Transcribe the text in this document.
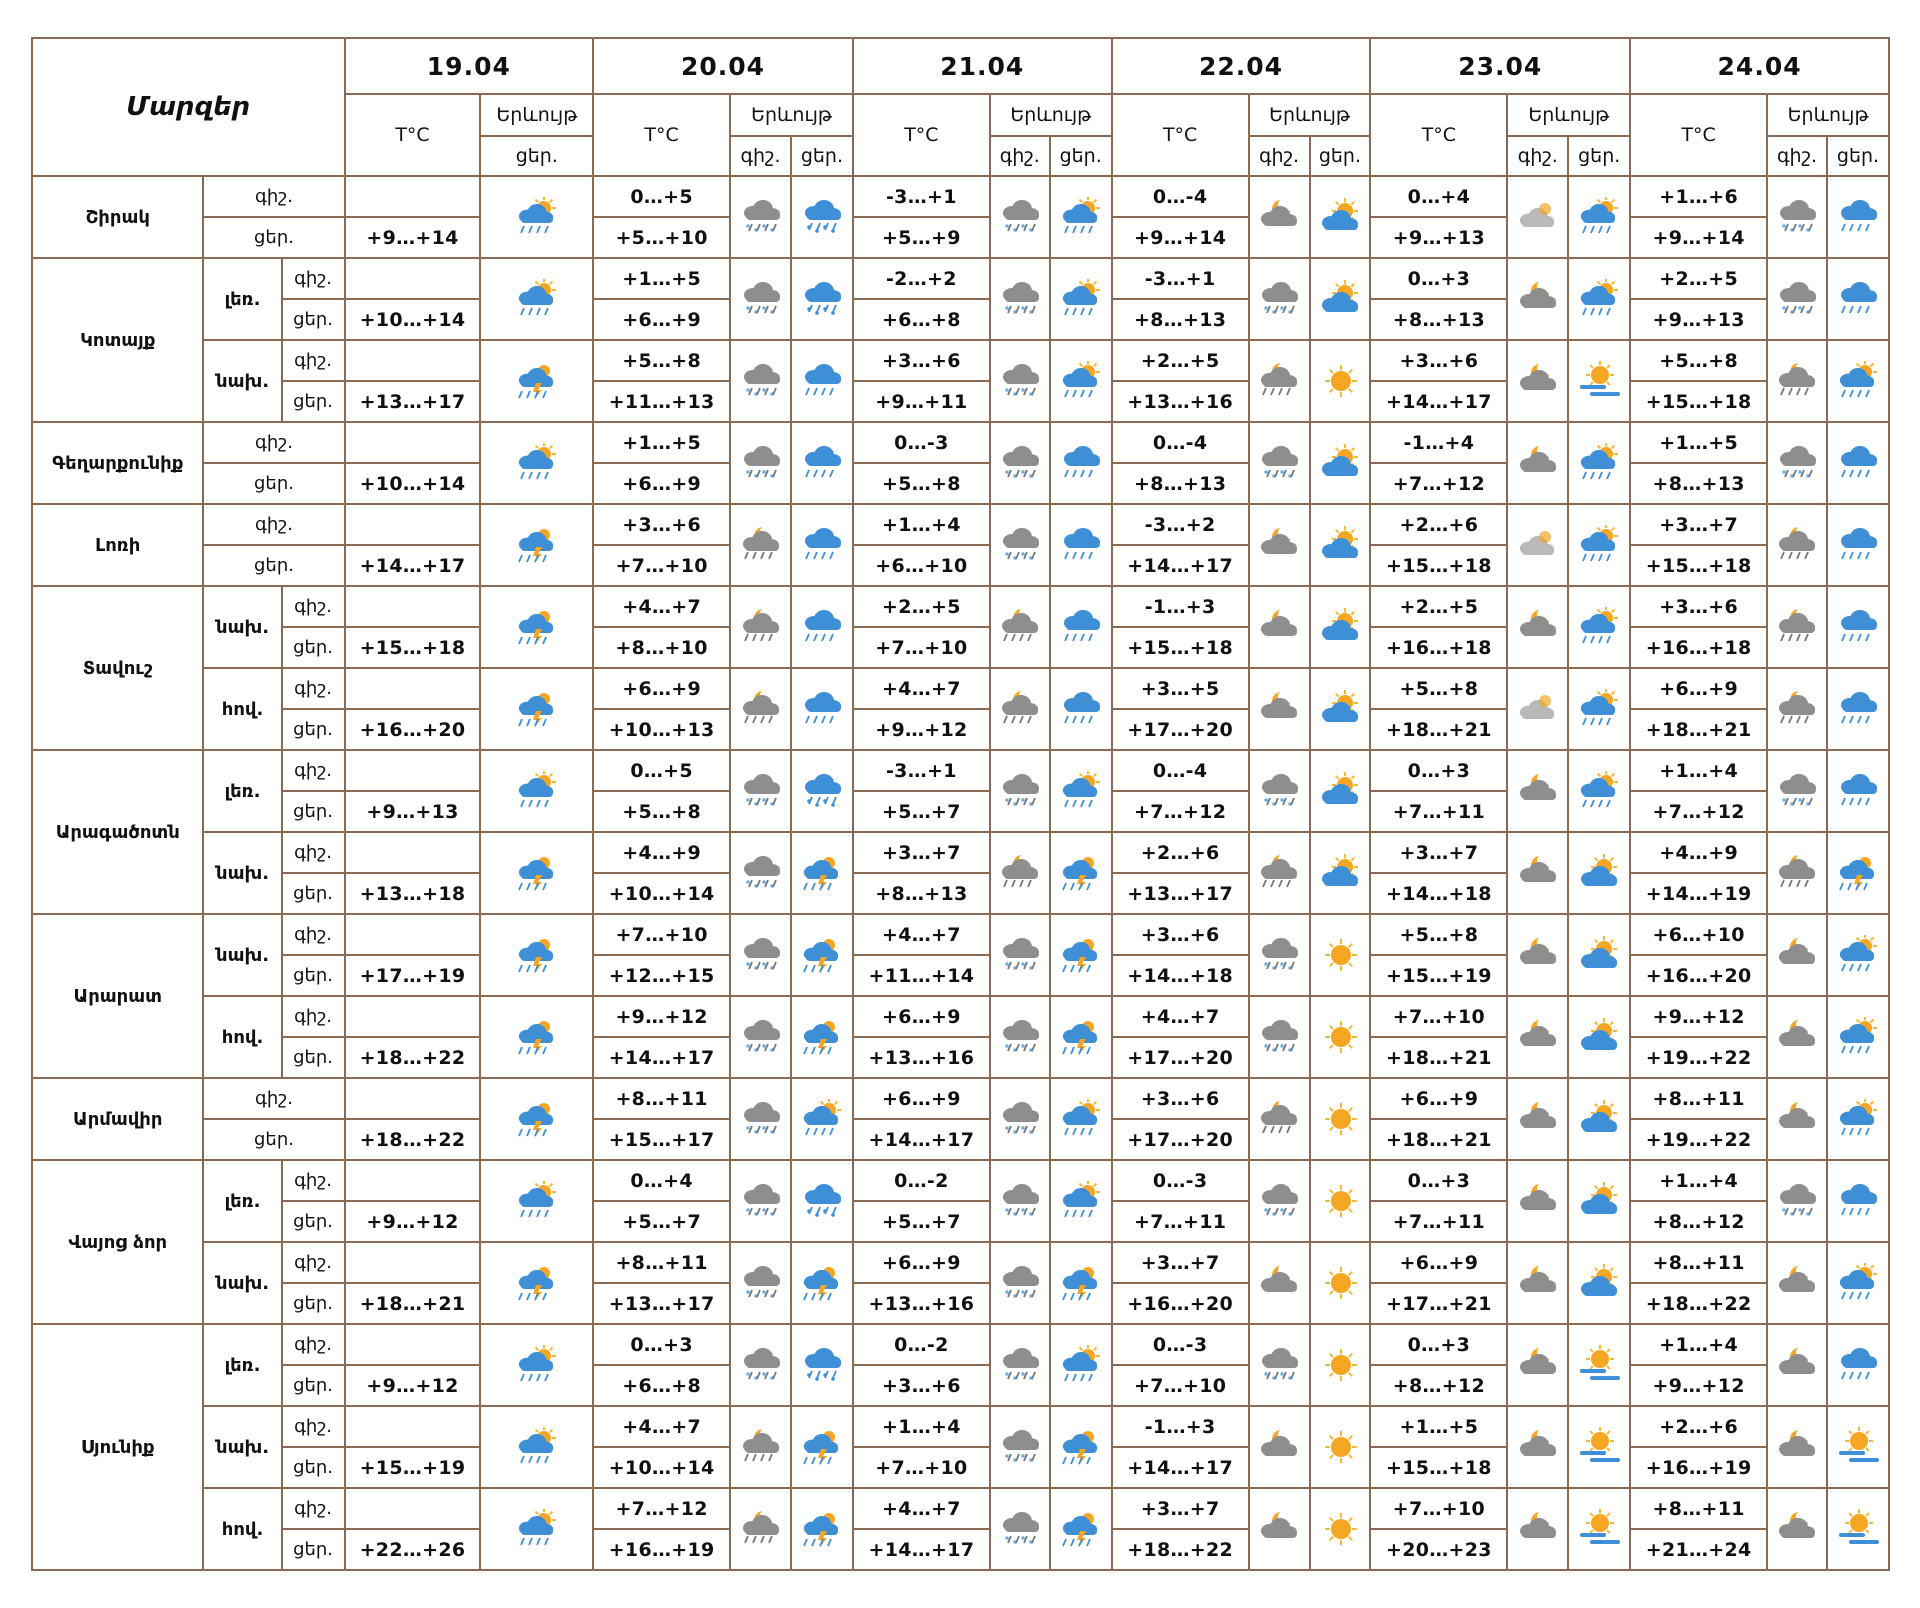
Մարզեր			19.04		20.04			21.04			22.04			23.04			24.04		
			T°C	Երևույթ	T°C	Երևույթ		T°C	Երևույթ		T°C	Երևույթ		T°C	Երևույթ		T°C	Երևույթ	
				ցեր.		գիշ.	ցեր.		գիշ.	ցեր.		գիշ.	ցեր.		գիշ.	ցեր.		գիշ.	ցեր.
Շիրակ	գիշ.				0…+5			-3…+1			0…-4			0…+4			+1…+6	

	ցեր.		+9…+14		+5…+10			+5…+9			+9…+14			+9…+13			+9…+14		
Կոտայք	լեռ.	գիշ.			+1…+5			-2…+2			-3…+1			0…+3			+2…+5	

		ցեր.	+10…+14		+6…+9			+6…+8			+8…+13			+8…+13			+9…+13		
	նախ.	գիշ.			+5…+8			+3…+6			+2…+5			+3…+6			+5…+8	

		ցեր.	+13…+17		+11…+13			+9…+11			+13…+16			+14…+17			+15…+18		
Գեղարքունիք	գիշ.				+1…+5			0…-3			0…-4			-1…+4			+1…+5	

	ցեր.		+10…+14		+6…+9			+5…+8			+8…+13			+7…+12			+8…+13		
Լոռի	գիշ.				+3…+6			+1…+4			-3…+2			+2…+6			+3…+7	

	ցեր.		+14…+17		+7…+10			+6…+10			+14…+17			+15…+18			+15…+18		
Տավուշ	նախ.	գիշ.			+4…+7			+2…+5			-1…+3			+2…+5			+3…+6	

		ցեր.	+15…+18		+8…+10			+7…+10			+15…+18			+16…+18			+16…+18		
	հով.	գիշ.			+6…+9			+4…+7			+3…+5			+5…+8			+6…+9	

		ցեր.	+16…+20		+10…+13			+9…+12			+17…+20			+18…+21			+18…+21		
Արագածոտն	լեռ.	գիշ.			0…+5			-3…+1			0…-4			0…+3			+1…+4	

		ցեր.	+9…+13		+5…+8			+5…+7			+7…+12			+7…+11			+7…+12		
	նախ.	գիշ.			+4…+9			+3…+7			+2…+6			+3…+7			+4…+9	

		ցեր.	+13…+18		+10…+14			+8…+13			+13…+17			+14…+18			+14…+19		
Արարատ	նախ.	գիշ.			+7…+10			+4…+7			+3…+6			+5…+8			+6…+10	

		ցեր.	+17…+19		+12…+15			+11…+14			+14…+18			+15…+19			+16…+20		
	հով.	գիշ.			+9…+12			+6…+9			+4…+7			+7…+10			+9…+12	

		ցեր.	+18…+22		+14…+17			+13…+16			+17…+20			+18…+21			+19…+22		
Արմավիր	գիշ.				+8…+11			+6…+9			+3…+6			+6…+9			+8…+11	

	ցեր.		+18…+22		+15…+17			+14…+17			+17…+20			+18…+21			+19…+22		
Վայոց ձոր	լեռ.	գիշ.			0…+4			0…-2			0…-3			0…+3			+1…+4	

		ցեր.	+9…+12		+5…+7			+5…+7			+7…+11			+7…+11			+8…+12		
	նախ.	գիշ.			+8…+11			+6…+9			+3…+7			+6…+9			+8…+11	

		ցեր.	+18…+21		+13…+17			+13…+16			+16…+20			+17…+21			+18…+22		
Սյունիք	լեռ.	գիշ.			0…+3			0…-2			0…-3			0…+3			+1…+4	

		ցեր.	+9…+12		+6…+8			+3…+6			+7…+10			+8…+12			+9…+12		
	նախ.	գիշ.			+4…+7			+1…+4			-1…+3			+1…+5			+2…+6	

		ցեր.	+15…+19		+10…+14			+7…+10			+14…+17			+15…+18			+16…+19		
	հով.	գիշ.			+7…+12			+4…+7			+3…+7			+7…+10			+8…+11	

		ցեր.	+22…+26		+16…+19			+14…+17			+18…+22			+20…+23			+21…+24		
